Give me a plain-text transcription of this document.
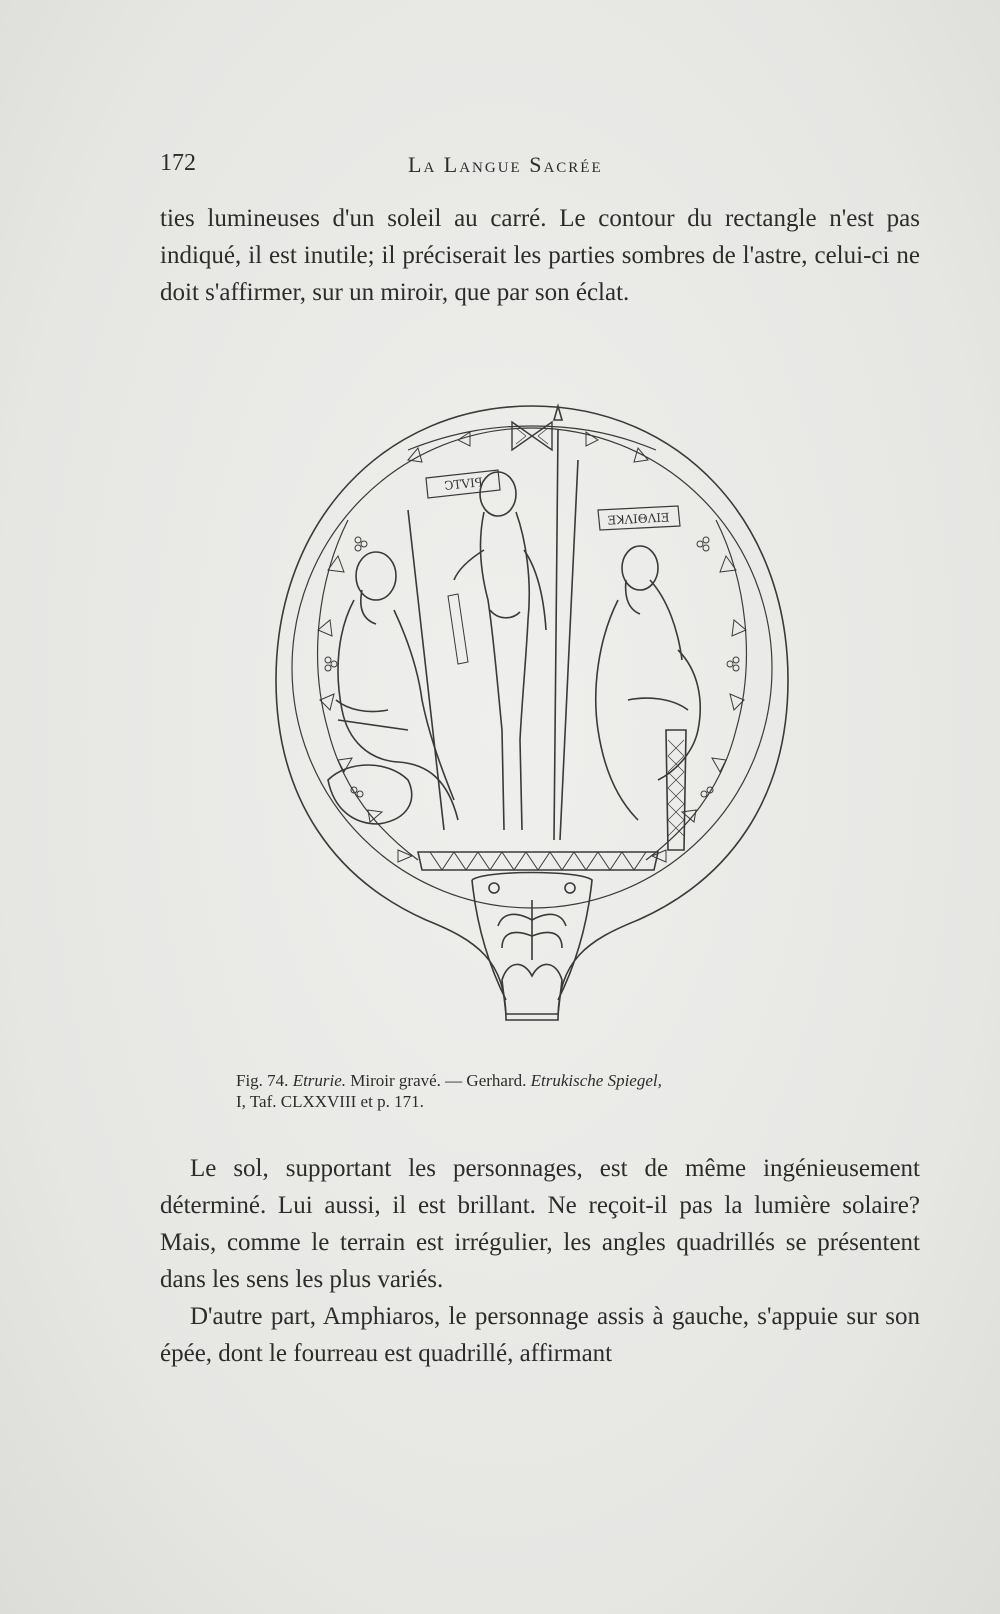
172	La Langue Sacrée

ties lumineuses d'un soleil au carré. Le contour du rectangle n'est pas indiqué, il est inutile; il préciserait les parties sombres de l'astre, celui-ci ne doit s'affirmer, sur un miroir, que par son éclat.

ϽTVIꟼ
ƎꓘΛIΘΛIƎ
Fig. 74. Etrurie. Miroir gravé. — Gerhard. Etrukische Spiegel,
I, Taf. CLXXVIII et p. 171.

Le sol, supportant les personnages, est de même ingénieusement déterminé. Lui aussi, il est brillant. Ne reçoit-il pas la lumière solaire? Mais, comme le terrain est irrégulier, les angles quadrillés se présentent dans les sens les plus variés.

D'autre part, Amphiaros, le personnage assis à gauche, s'appuie sur son épée, dont le fourreau est quadrillé, affirmant
